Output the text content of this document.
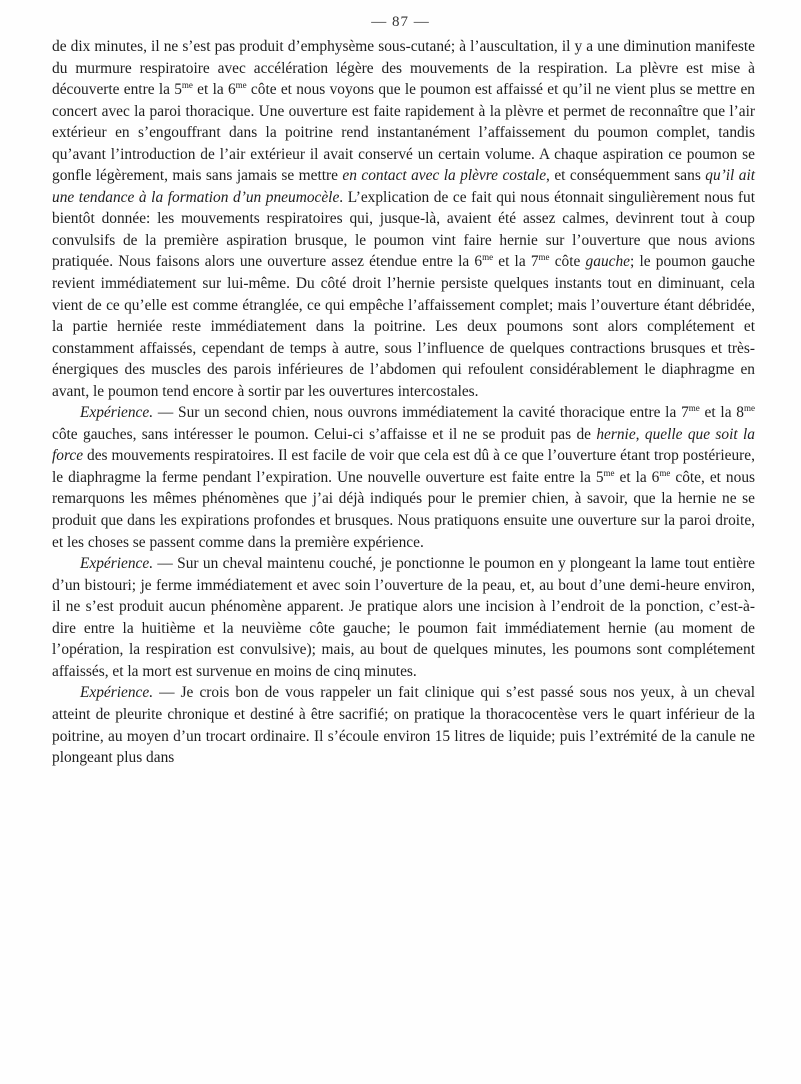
— 87 —

de dix minutes, il ne s’est pas produit d’emphysème sous-cutané; à l’auscultation, il y a une diminution manifeste du murmure respiratoire avec accélération légère des mouvements de la respiration. La plèvre est mise à découverte entre la $5^{me}$ et la $6^{me}$ côte et nous voyons que le poumon est affaissé et qu’il ne vient plus se mettre en concert avec la paroi thoracique. Une ouverture est faite rapidement à la plèvre et permet de reconnaître que l’air extérieur en s’engouffrant dans la poitrine rend instantanément l’affaissement du poumon complet, tandis qu’avant l’introduction de l’air extérieur il avait conservé un certain volume. A chaque aspiration ce poumon se gonfle légèrement, mais sans jamais se mettre en contact avec la plèvre costale, et conséquemment sans qu’il ait une tendance à la formation d’un pneumocèle. L’explication de ce fait qui nous étonnait singulièrement nous fut bientôt donnée: les mouvements respiratoires qui, jusque-là, avaient été assez calmes, devinrent tout à coup convulsifs de la première aspiration brusque, le poumon vint faire hernie sur l’ouverture que nous avions pratiquée. Nous faisons alors une ouverture assez étendue entre la $6^{me}$ et la $7^{me}$ côte gauche; le poumon gauche revient immédiatement sur lui-même. Du côté droit l’hernie persiste quelques instants tout en diminuant, cela vient de ce qu’elle est comme étranglée, ce qui empêche l’affaissement complet; mais l’ouverture étant débridée, la partie herniée reste immédiatement dans la poitrine. Les deux poumons sont alors complétement et constamment affaissés, cependant de temps à autre, sous l’influence de quelques contractions brusques et très-énergiques des muscles des parois inférieures de l’abdomen qui refoulent considérablement le diaphragme en avant, le poumon tend encore à sortir par les ouvertures intercostales.

Expérience. — Sur un second chien, nous ouvrons immédiatement la cavité thoracique entre la $7^{me}$ et la $8^{me}$ côte gauches, sans intéresser le poumon. Celui-ci s’affaisse et il ne se produit pas de hernie, quelle que soit la force des mouvements respiratoires. Il est facile de voir que cela est dû à ce que l’ouverture étant trop postérieure, le diaphragme la ferme pendant l’expiration. Une nouvelle ouverture est faite entre la $5^{me}$ et la $6^{me}$ côte, et nous remarquons les mêmes phénomènes que j’ai déjà indiqués pour le premier chien, à savoir, que la hernie ne se produit que dans les expirations profondes et brusques. Nous pratiquons ensuite une ouverture sur la paroi droite, et les choses se passent comme dans la première expérience.

Expérience. — Sur un cheval maintenu couché, je ponctionne le poumon en y plongeant la lame tout entière d’un bistouri; je ferme immédiatement et avec soin l’ouverture de la peau, et, au bout d’une demi-heure environ, il ne s’est produit aucun phénomène apparent. Je pratique alors une incision à l’endroit de la ponction, c’est-à-dire entre la huitième et la neuvième côte gauche; le poumon fait immédiatement hernie (au moment de l’opération, la respiration est convulsive); mais, au bout de quelques minutes, les poumons sont complétement affaissés, et la mort est survenue en moins de cinq minutes.

Expérience. — Je crois bon de vous rappeler un fait clinique qui s’est passé sous nos yeux, à un cheval atteint de pleurite chronique et destiné à être sacrifié; on pratique la thoracocentèse vers le quart inférieur de la poitrine, au moyen d’un trocart ordinaire. Il s’écoule environ 15 litres de liquide; puis l’extrémité de la canule ne plongeant plus dans
